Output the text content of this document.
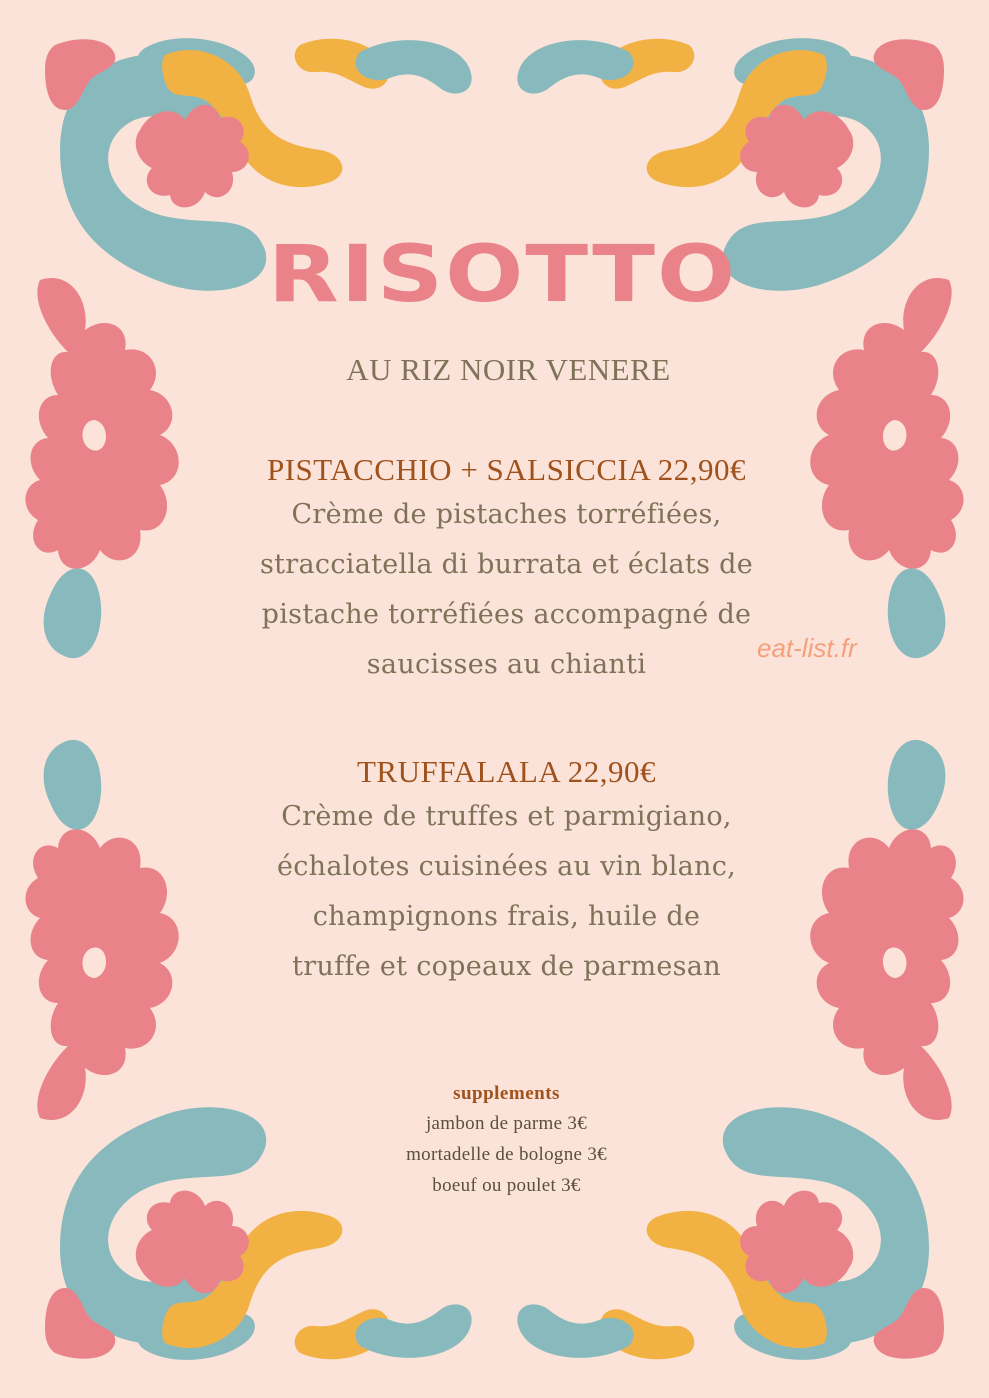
RISOTTO
AU RIZ NOIR VENERE
PISTACCHIO + SALSICCIA 22,90€
Crème de pistaches torréfiées,
stracciatella di burrata et éclats de
pistache torréfiées accompagné de
saucisses au chianti
TRUFFALALA 22,90€
Crème de truffes et parmigiano,
échalotes cuisinées au vin blanc,
champignons frais, huile de
truffe et copeaux de parmesan
supplements
jambon de parme 3€
mortadelle de bologne 3€
boeuf ou poulet 3€
eat-list.fr
